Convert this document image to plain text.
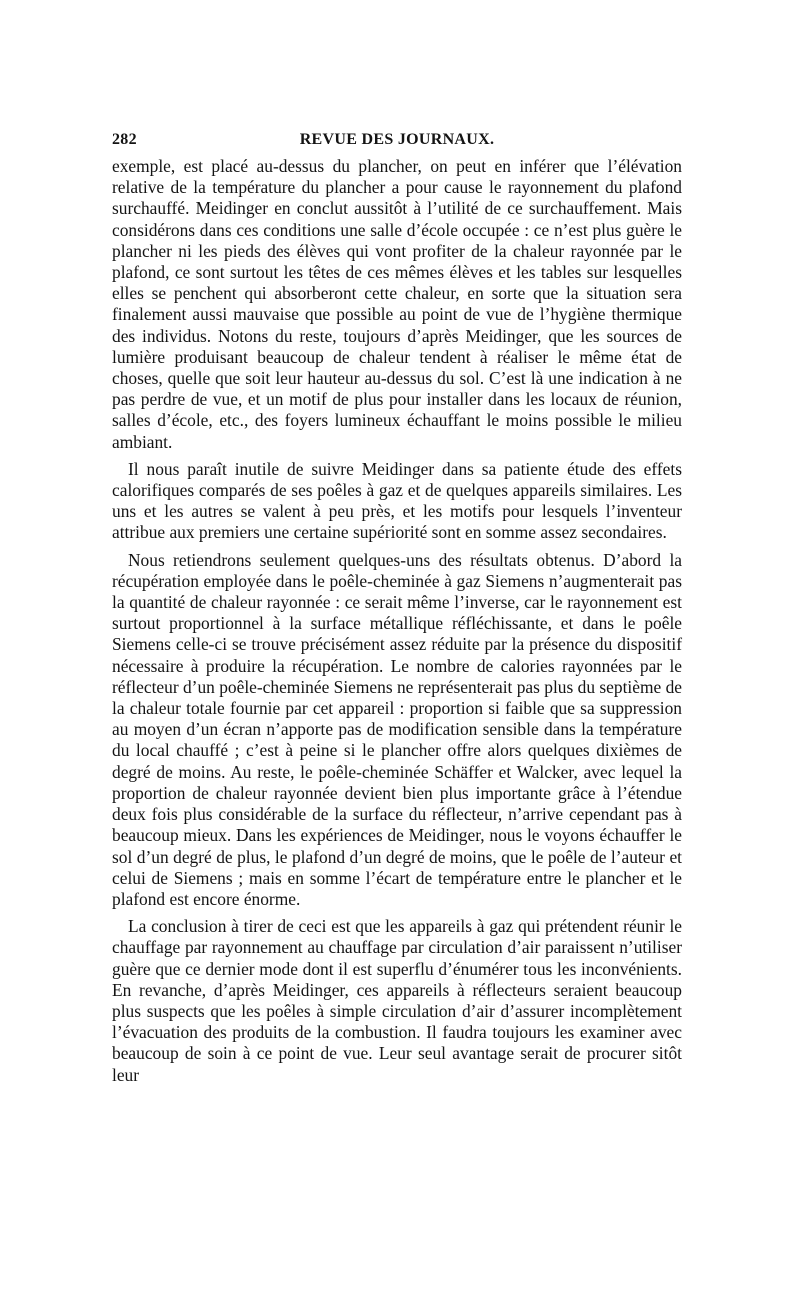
282	REVUE DES JOURNAUX.

exemple, est placé au-dessus du plancher, on peut en inférer que l’élévation relative de la température du plancher a pour cause le rayonnement du plafond surchauffé. Meidinger en conclut aussitôt à l’utilité de ce surchauffement. Mais considérons dans ces conditions une salle d’école occupée : ce n’est plus guère le plancher ni les pieds des élèves qui vont profiter de la chaleur rayonnée par le plafond, ce sont surtout les têtes de ces mêmes élèves et les tables sur lesquelles elles se penchent qui absorberont cette chaleur, en sorte que la situation sera finalement aussi mauvaise que possible au point de vue de l’hygiène thermique des individus. Notons du reste, toujours d’après Meidinger, que les sources de lumière produisant beaucoup de chaleur tendent à réaliser le même état de choses, quelle que soit leur hauteur au-dessus du sol. C’est là une indication à ne pas perdre de vue, et un motif de plus pour installer dans les locaux de réunion, salles d’école, etc., des foyers lumineux échauffant le moins possible le milieu ambiant.

Il nous paraît inutile de suivre Meidinger dans sa patiente étude des effets calorifiques comparés de ses poêles à gaz et de quelques appareils similaires. Les uns et les autres se valent à peu près, et les motifs pour lesquels l’inventeur attribue aux premiers une certaine supériorité sont en somme assez secondaires.

Nous retiendrons seulement quelques-uns des résultats obtenus. D’abord la récupération employée dans le poêle-cheminée à gaz Siemens n’augmenterait pas la quantité de chaleur rayonnée : ce serait même l’inverse, car le rayonnement est surtout proportionnel à la surface métallique réfléchissante, et dans le poêle Siemens celle-ci se trouve précisément assez réduite par la présence du dispositif nécessaire à produire la récupération. Le nombre de calories rayonnées par le réflecteur d’un poêle-cheminée Siemens ne représenterait pas plus du septième de la chaleur totale fournie par cet appareil : proportion si faible que sa suppression au moyen d’un écran n’apporte pas de modification sensible dans la température du local chauffé ; c’est à peine si le plancher offre alors quelques dixièmes de degré de moins. Au reste, le poêle-cheminée Schäffer et Walcker, avec lequel la proportion de chaleur rayonnée devient bien plus importante grâce à l’étendue deux fois plus considérable de la surface du réflecteur, n’arrive cependant pas à beaucoup mieux. Dans les expériences de Meidinger, nous le voyons échauffer le sol d’un degré de plus, le plafond d’un degré de moins, que le poêle de l’auteur et celui de Siemens ; mais en somme l’écart de température entre le plancher et le plafond est encore énorme.

La conclusion à tirer de ceci est que les appareils à gaz qui prétendent réunir le chauffage par rayonnement au chauffage par circulation d’air paraissent n’utiliser guère que ce dernier mode dont il est superflu d’énumérer tous les inconvénients. En revanche, d’après Meidinger, ces appareils à réflecteurs seraient beaucoup plus suspects que les poêles à simple circulation d’air d’assurer incomplètement l’évacuation des produits de la combustion. Il faudra toujours les examiner avec beaucoup de soin à ce point de vue. Leur seul avantage serait de procurer sitôt leur
